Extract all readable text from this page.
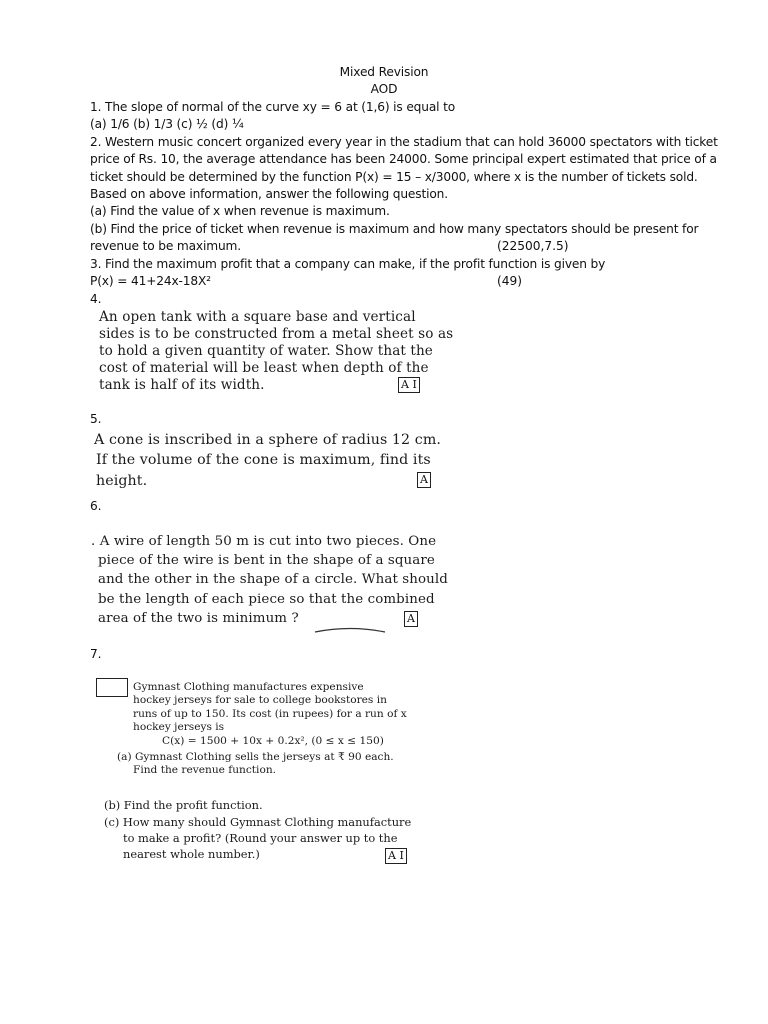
Mixed Revision
AOD
1. The slope of normal of the curve xy = 6 at (1,6) is equal to
(a) 1/6 (b) 1/3 (c) ½ (d) ¼
2. Western music concert organized every year in the stadium that can hold 36000 spectators with ticket
price of Rs. 10, the average attendance has been 24000. Some principal expert estimated that price of a
ticket should be determined by the function P(x) = 15 – x/3000, where x is the number of tickets sold.
Based on above information, answer the following question.
(a) Find the value of x when revenue is maximum.
(b) Find the price of ticket when revenue is maximum and how many spectators should be present for
revenue to be maximum.	(22500,7.5)
3. Find the maximum profit that a company can make, if the profit function is given by
P(x) = 41+24x-18X²	(49)
4.
An open tank with a square base and vertical
sides is to be constructed from a metal sheet so as
to hold a given quantity of water. Show that the
cost of material will be least when depth of the
tank is half of its width.	A I
5.
A cone is inscribed in a sphere of radius 12 cm.
If the volume of the cone is maximum, find its
height.	A
6.
. A wire of length 50 m is cut into two pieces. One
piece of the wire is bent in the shape of a square
and the other in the shape of a circle. What should
be the length of each piece so that the combined
area of the two is minimum ?	A
7.
Gymnast Clothing manufactures expensive
hockey jerseys for sale to college bookstores in
runs of up to 150. Its cost (in rupees) for a run of x
hockey jerseys is
C(x) = 1500 + 10x + 0.2x², (0 ≤ x ≤ 150)
(a) Gymnast Clothing sells the jerseys at ₹ 90 each.
Find the revenue function.
(b) Find the profit function.
(c) How many should Gymnast Clothing manufacture
to make a profit? (Round your answer up to the
nearest whole number.)	A I
